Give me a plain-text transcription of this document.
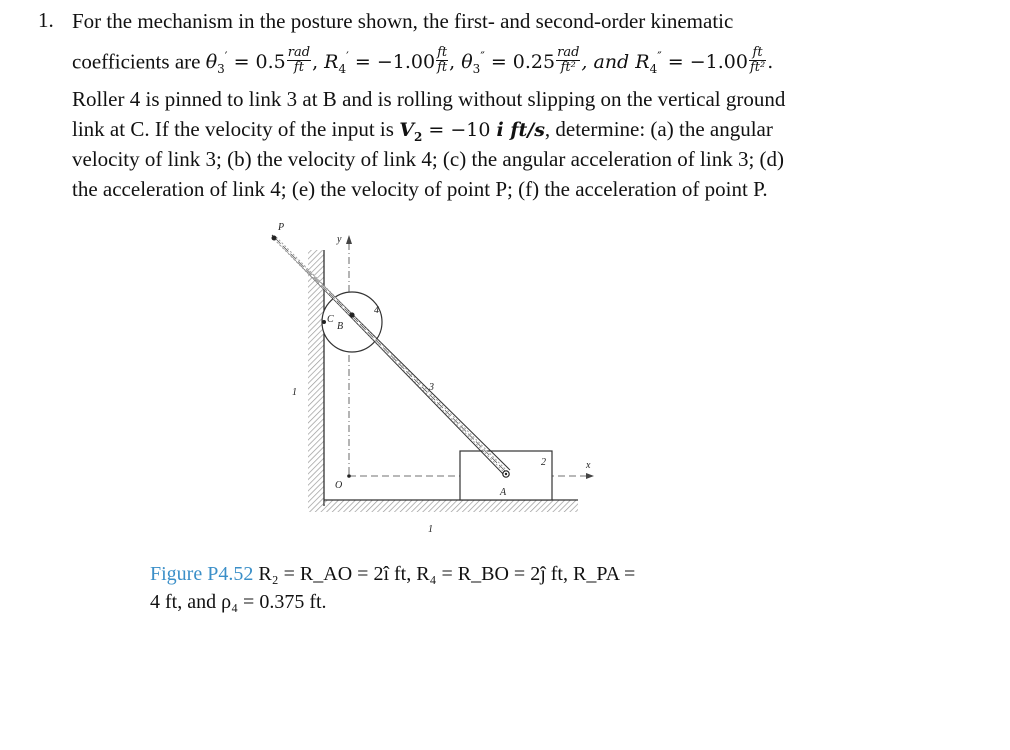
1. For the mechanism in the posture shown, the first- and second-order kinematic
coefficients are $\theta_3' = 0.5 \frac{\text{rad}}{ft}$ , $R_4' = -1.00 \frac{ft}{ft}$ , $\theta_3'' = 0.25 \frac{\text{rad}}{\text{ft²}}$ , and $R_4'' = -1.00 \frac{ft}{\text{ft²}}$ .
Roller 4 is pinned to link 3 at B and is rolling without slipping on the vertical ground
link at C. If the velocity of the input is $V_2 = -10$ i ft/s, determine: (a) the angular
velocity of link 3; (b) the velocity of link 4; (c) the angular acceleration of link 3; (d)
the acceleration of link 4; (e) the velocity of point P; (f) the acceleration of point P.
P
y
C
B
4
3
1
2	x
O
A
1
Figure P4.52 R₂ = R_AO = 2î ft, R₄ = R_BO = 2ĵ ft, R_PA =
4 ft, and ρ₄ = 0.375 ft.
